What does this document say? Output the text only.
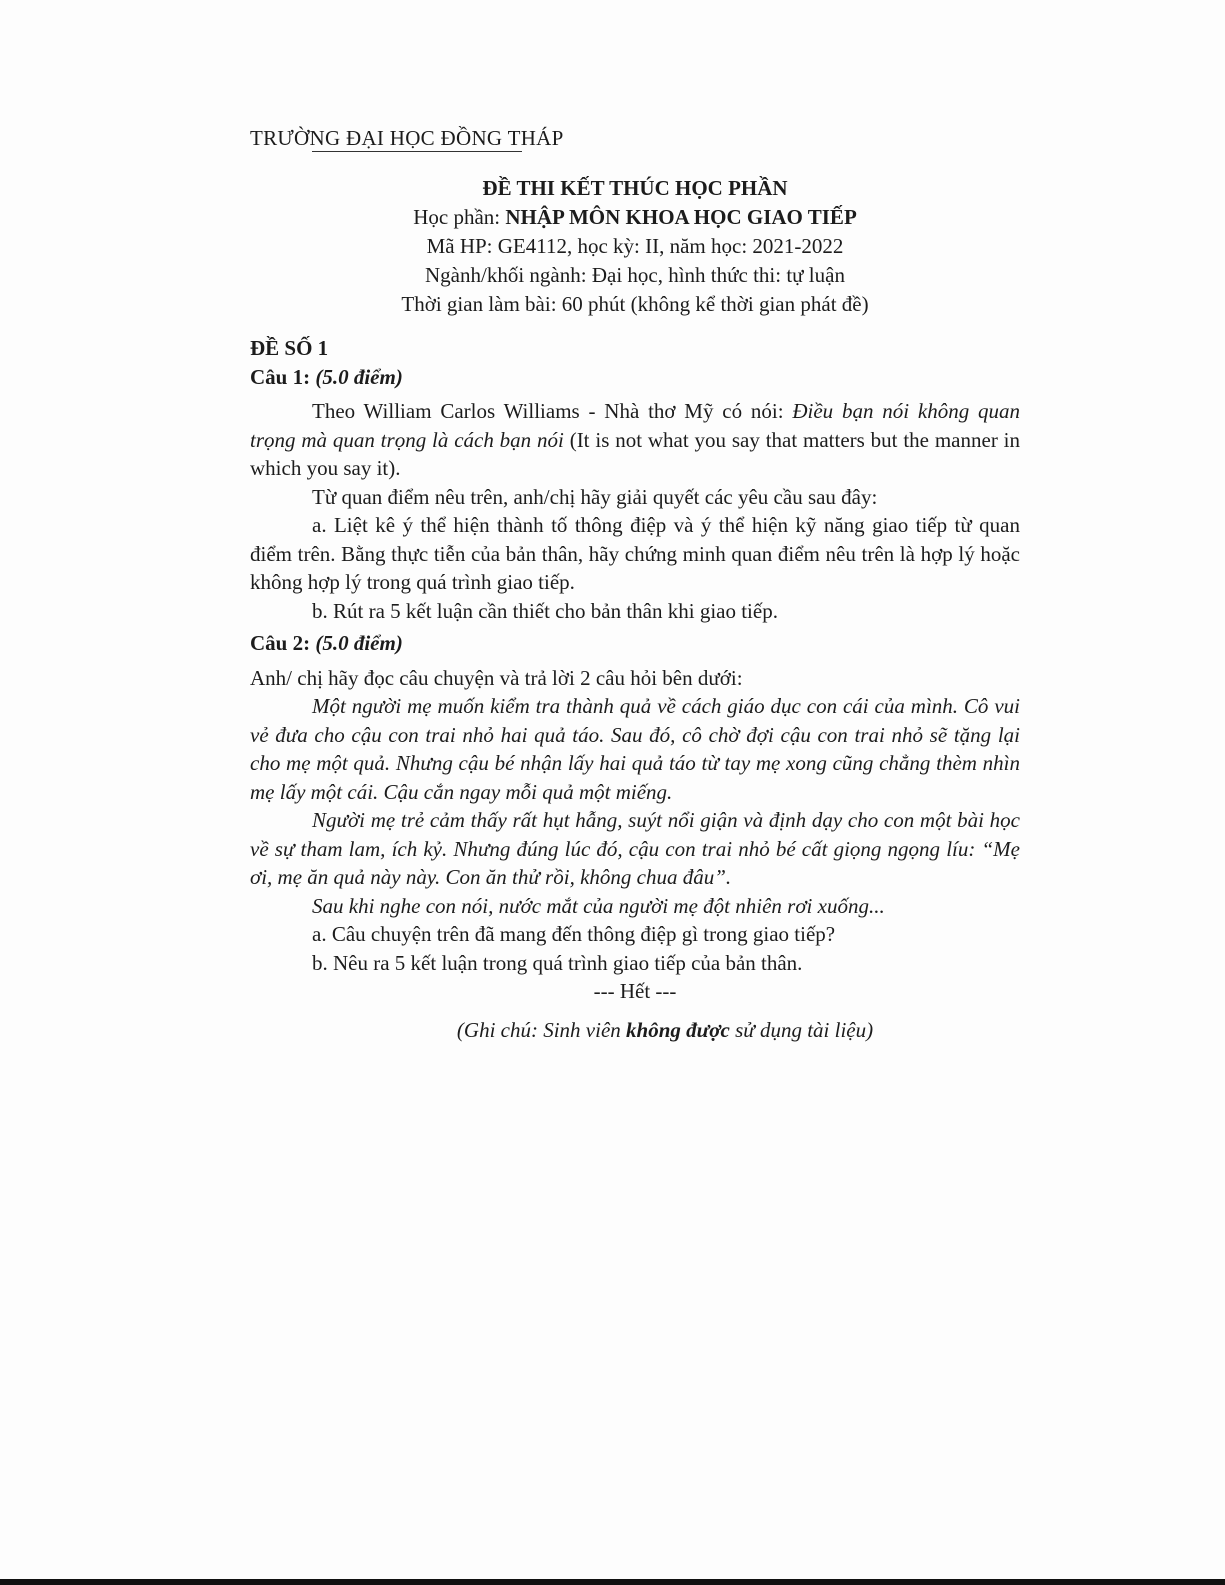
TRƯỜNG ĐẠI HỌC ĐỒNG THÁP
ĐỀ THI KẾT THÚC HỌC PHẦN
Học phần: NHẬP MÔN KHOA HỌC GIAO TIẾP
Mã HP: GE4112, học kỳ: II, năm học: 2021-2022
Ngành/khối ngành: Đại học, hình thức thi: tự luận
Thời gian làm bài: 60 phút (không kể thời gian phát đề)

ĐỀ SỐ 1

Câu 1: (5.0 điểm)

Theo William Carlos Williams - Nhà thơ Mỹ có nói: Điều bạn nói không quan trọng mà quan trọng là cách bạn nói (It is not what you say that matters but the manner in which you say it).

Từ quan điểm nêu trên, anh/chị hãy giải quyết các yêu cầu sau đây:

a. Liệt kê ý thể hiện thành tố thông điệp và ý thể hiện kỹ năng giao tiếp từ quan điểm trên. Bằng thực tiễn của bản thân, hãy chứng minh quan điểm nêu trên là hợp lý hoặc không hợp lý trong quá trình giao tiếp.

b. Rút ra 5 kết luận cần thiết cho bản thân khi giao tiếp.

Câu 2: (5.0 điểm)

Anh/ chị hãy đọc câu chuyện và trả lời 2 câu hỏi bên dưới:

Một người mẹ muốn kiểm tra thành quả về cách giáo dục con cái của mình. Cô vui vẻ đưa cho cậu con trai nhỏ hai quả táo. Sau đó, cô chờ đợi cậu con trai nhỏ sẽ tặng lại cho mẹ một quả. Nhưng cậu bé nhận lấy hai quả táo từ tay mẹ xong cũng chẳng thèm nhìn mẹ lấy một cái. Cậu cắn ngay mỗi quả một miếng.

Người mẹ trẻ cảm thấy rất hụt hẫng, suýt nổi giận và định dạy cho con một bài học về sự tham lam, ích kỷ. Nhưng đúng lúc đó, cậu con trai nhỏ bé cất giọng ngọng líu: “Mẹ ơi, mẹ ăn quả này này. Con ăn thử rồi, không chua đâu”.

Sau khi nghe con nói, nước mắt của người mẹ đột nhiên rơi xuống...

a. Câu chuyện trên đã mang đến thông điệp gì trong giao tiếp?

b. Nêu ra 5 kết luận trong quá trình giao tiếp của bản thân.

--- Hết ---

(Ghi chú: Sinh viên không được sử dụng tài liệu)
